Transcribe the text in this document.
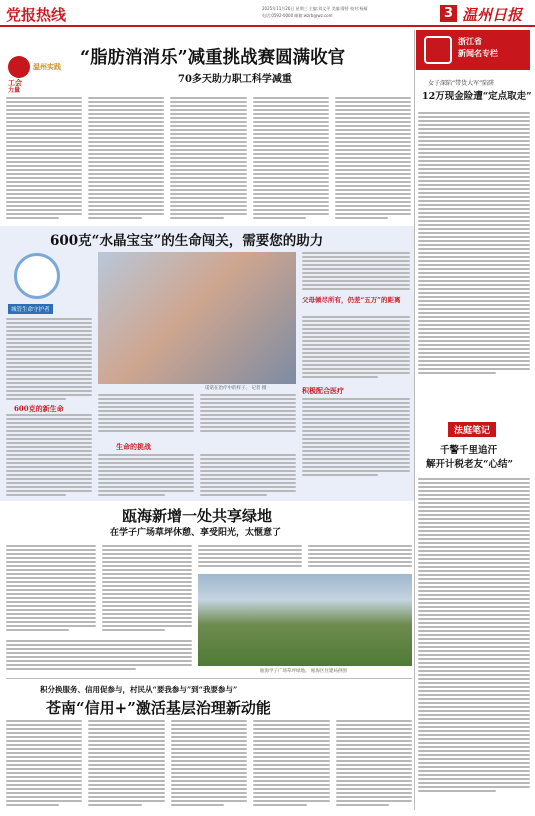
党报热线	2025年11月26日 星期三 主编:刘文平 美编:曹桥 校对:杨耀
电话:0592-0000 邮箱:wzrb@wz.com	3 温州日报
工会
力量
温州实践 “脂肪消消乐”减重挑战赛圆满收官
70多天助力职工科学减重
浙江省
新闻名专栏
女子深陷“带货大军”陷阱
12万现金险遭“定点取走”
法庭笔记
千警千里追汗
解开计税老友“心结”
600克“水晶宝宝”的生命闯关，需要您的助力
城管生命守护者
诺诺在治疗中的样子。 记者 摄
600克的新生命
生命的挑战
父母倾尽所有，仍差“五万”的距离
积极配合医疗
瓯海新增一处共享绿地
在学子广场草坪休憩、享受阳光，太惬意了
瓯海学子广场草坪绿地。 瓯海区住建局供图
积分换服务、信用促参与，村民从“要我参与”到“我要参与”
苍南“信用+”激活基层治理新动能
